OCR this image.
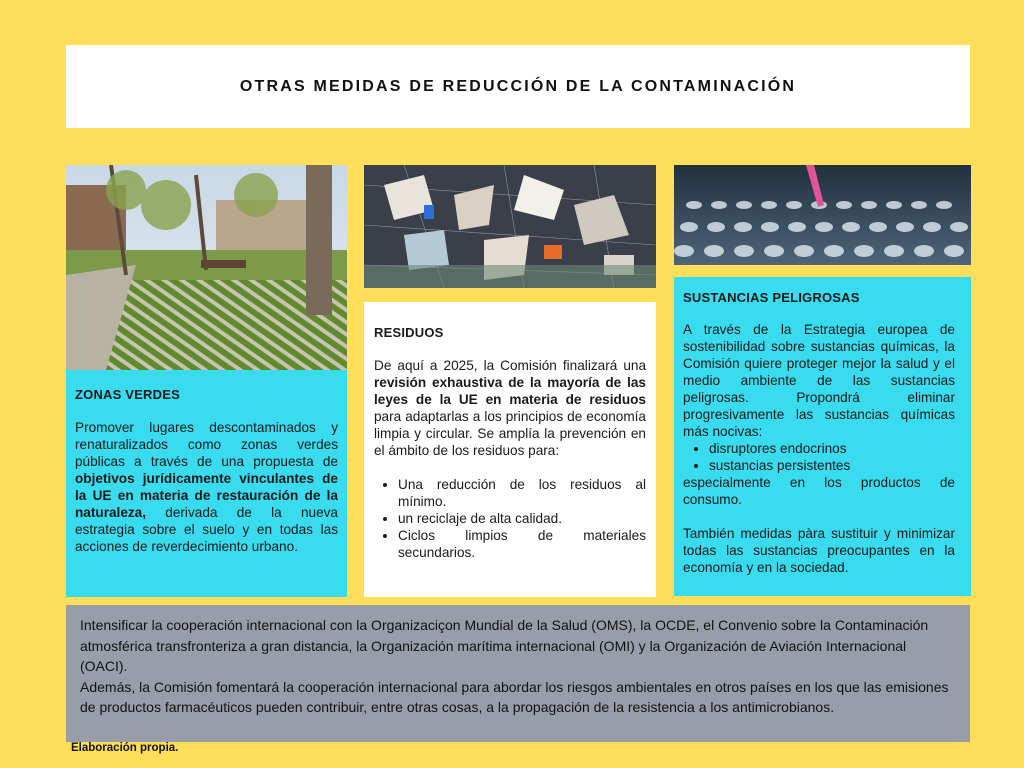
OTRAS MEDIDAS DE REDUCCIÓN DE LA CONTAMINACIÓN
ZONAS VERDES

Promover lugares descontaminados y renaturalizados como zonas verdes públicas a través de una propuesta de objetivos jurídicamente vinculantes de la UE en materia de restauración de la naturaleza, derivada de la nueva estrategia sobre el suelo y en todas las acciones de reverdecimiento urbano.

RESIDUOS

De aquí a 2025, la Comisión finalizará una revisión exhaustiva de la mayoría de las leyes de la UE en materia de residuos para adaptarlas a los principios de economía limpia y circular. Se amplía la prevención en el ámbito de los residuos para:

• Una reducción de los residuos al mínimo.
• un reciclaje de alta calidad.
• Ciclos limpios de materiales secundarios.
SUSTANCIAS PELIGROSAS

A través de la Estrategia europea de sostenibilidad sobre sustancias químicas, la Comisión quiere proteger mejor la salud y el medio ambiente de las sustancias peligrosas. Propondrá eliminar progresivamente las sustancias químicas más nocivas:

• disruptores endocrinos
• sustancias persistentes

especialmente en los productos de consumo.

También medidas pàra sustituir y minimizar todas las sustancias preocupantes en la economía y en la sociedad.

Intensificar la cooperación internacional con la Organizaciçon Mundial de la Salud (OMS), la OCDE, el Convenio sobre la Contaminación atmosférica transfronteriza a gran distancia, la Organización marítima internacional (OMI) y la Organización de Aviación Internacional (OACI).

Además, la Comisión fomentará la cooperación internacional para abordar los riesgos ambientales en otros países en los que las emisiones de productos farmacéuticos pueden contribuir, entre otras cosas, a la propagación de la resistencia a los antimicrobianos.

Elaboración propia.
